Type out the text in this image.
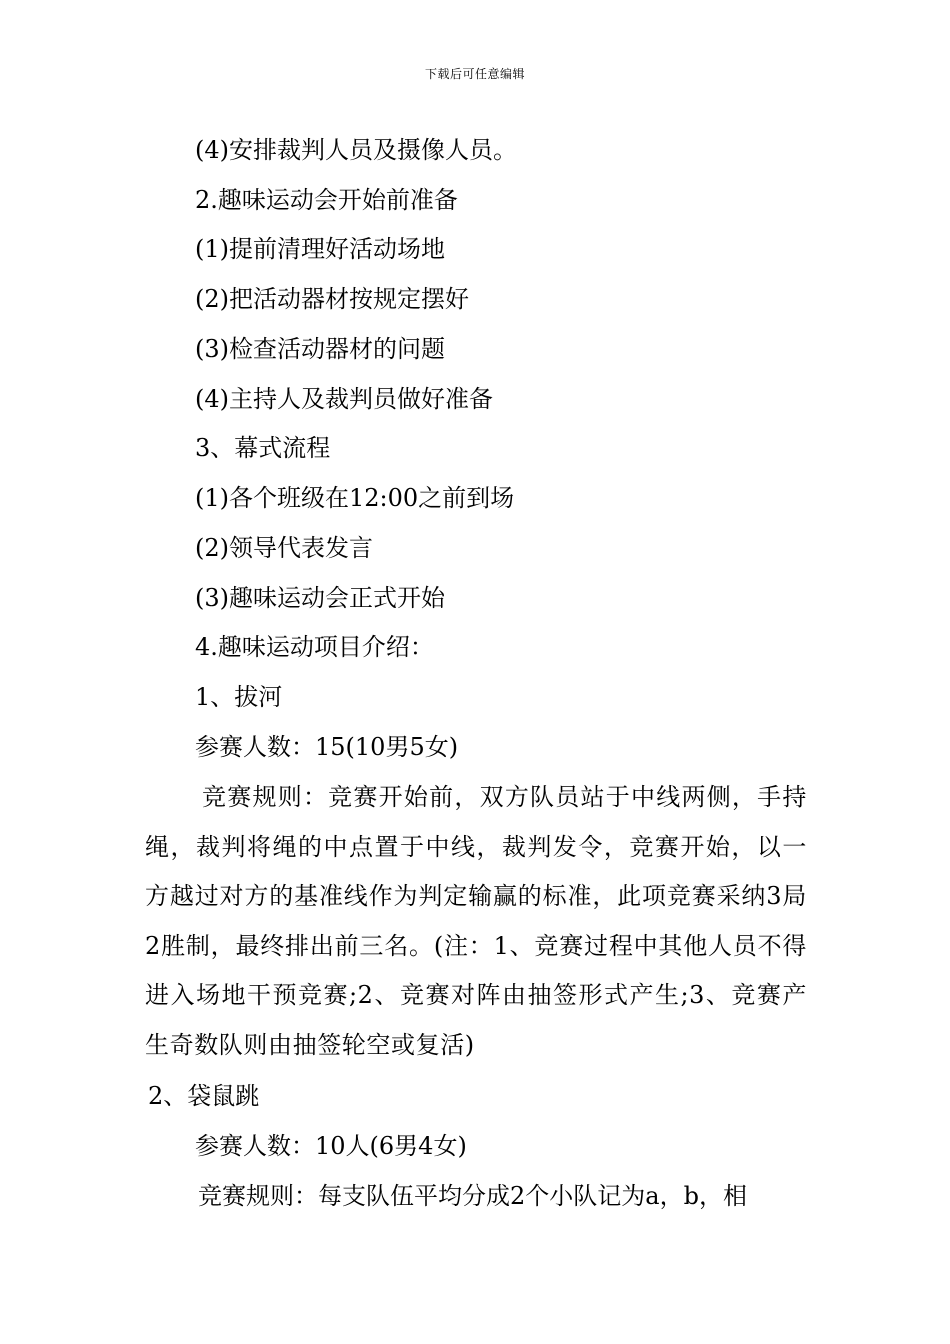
下载后可任意编辑
(4)安排裁判人员及摄像人员。
2.趣味运动会开始前准备
(1)提前清理好活动场地
(2)把活动器材按规定摆好
(3)检查活动器材的问题
(4)主持人及裁判员做好准备
3、幕式流程
(1)各个班级在12:00之前到场
(2)领导代表发言
(3)趣味运动会正式开始
4.趣味运动项目介绍：
1、拔河
参赛人数：15(10男5女)
竞赛规则：竞赛开始前，双方队员站于中线两侧，手持绳，裁判将绳的中点置于中线，裁判发令，竞赛开始，以一方越过对方的基准线作为判定输赢的标准，此项竞赛采纳3局2胜制，最终排出前三名。(注：1、竞赛过程中其他人员不得进入场地干预竞赛;2、竞赛对阵由抽签形式产生;3、竞赛产生奇数队则由抽签轮空或复活)
2、袋鼠跳
参赛人数：10人(6男4女)
竞赛规则：每支队伍平均分成2个小队记为a，b，相
